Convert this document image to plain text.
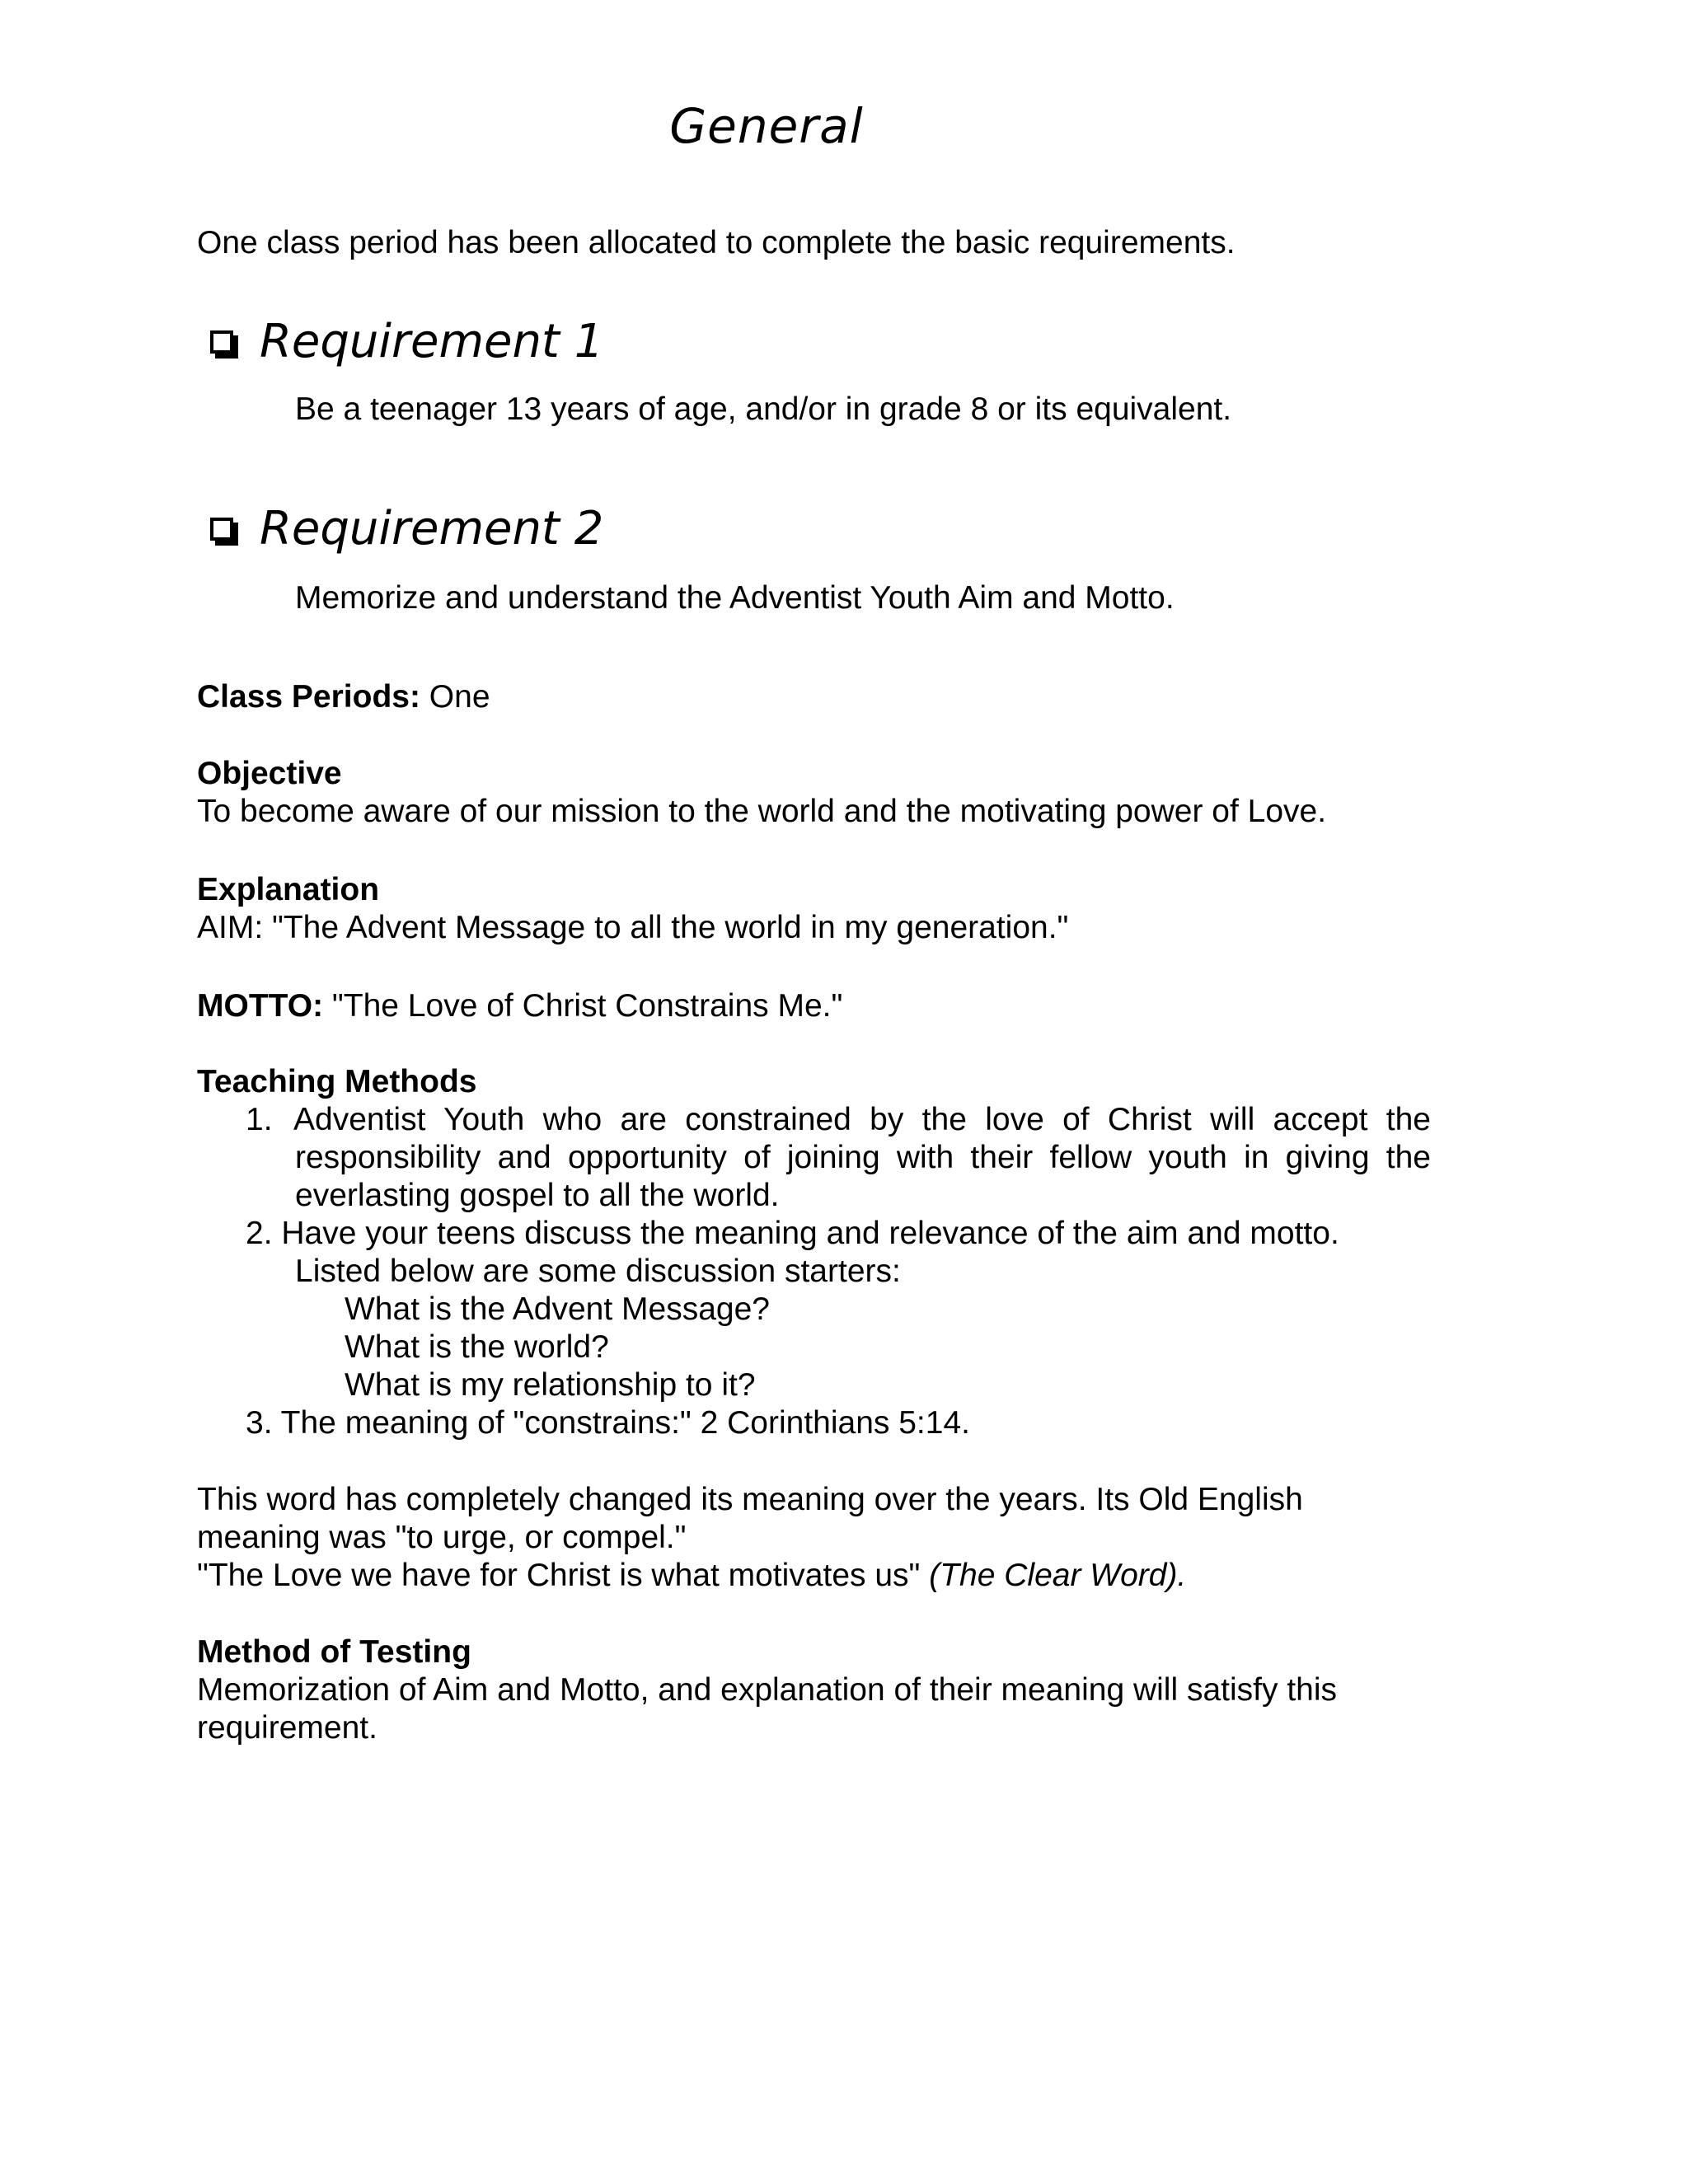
General
One class period has been allocated to complete the basic requirements.
Requirement 1
Be a teenager 13 years of age, and/or in grade 8 or its equivalent.
Requirement 2
Memorize and understand the Adventist Youth Aim and Motto.
Class Periods: One
Objective
To become aware of our mission to the world and the motivating power of Love.
Explanation
AIM: "The Advent Message to all the world in my generation."
MOTTO: "The Love of Christ Constrains Me."
Teaching Methods
1. Adventist Youth who are constrained by the love of Christ will accept the responsibility and opportunity of joining with their fellow youth in giving the everlasting gospel to all the world.
2. Have your teens discuss the meaning and relevance of the aim and motto.
Listed below are some discussion starters:
What is the Advent Message?
What is the world?
What is my relationship to it?
3. The meaning of "constrains:" 2 Corinthians 5:14.
This word has completely changed its meaning over the years. Its Old English
meaning was "to urge, or compel."
"The Love we have for Christ is what motivates us" (The Clear Word).
Method of Testing
Memorization of Aim and Motto, and explanation of their meaning will satisfy this
requirement.
